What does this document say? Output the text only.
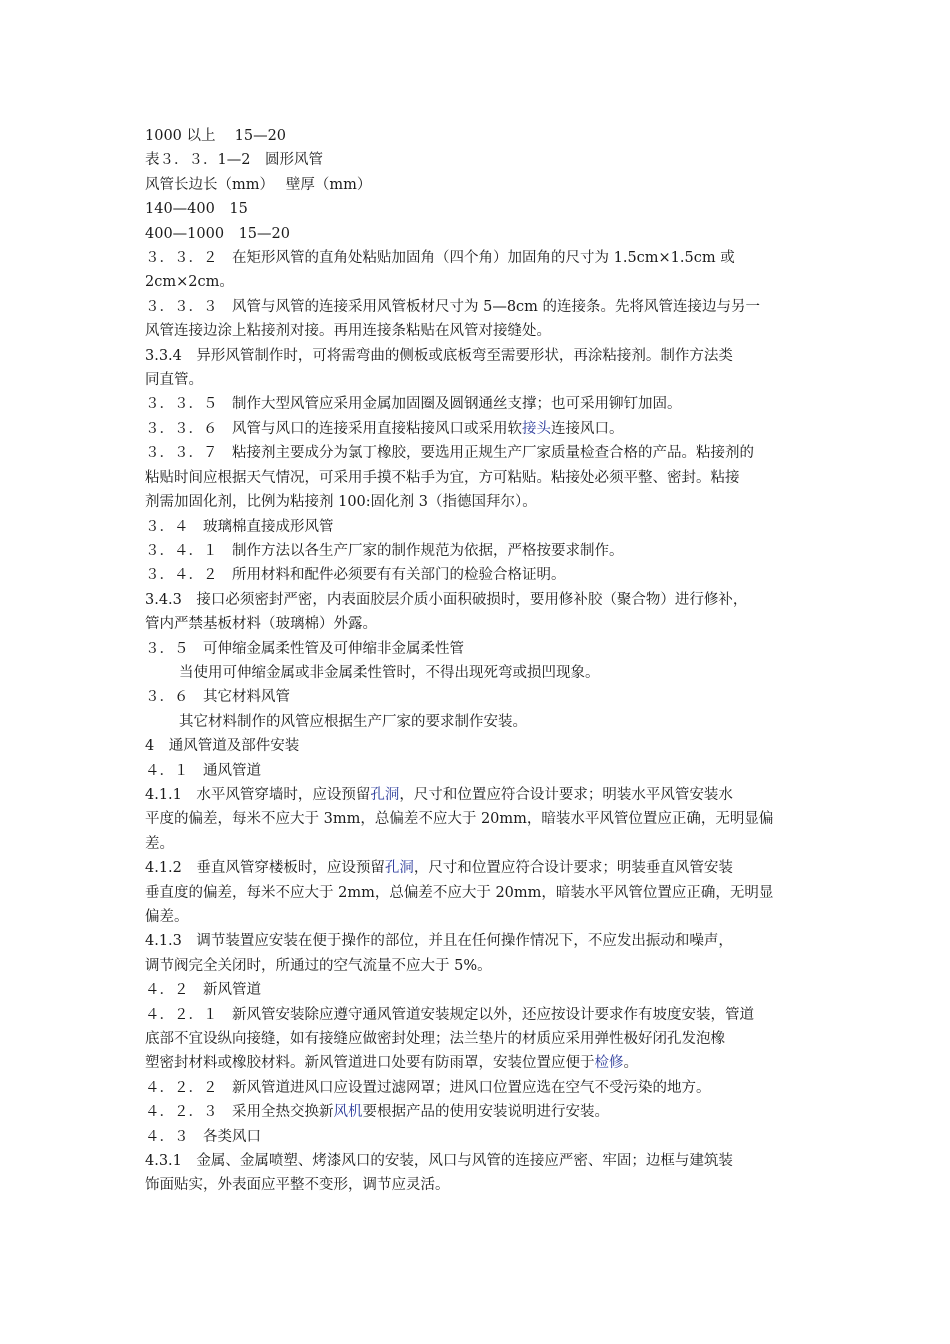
1000 以上　 15—20
表３．３．1—2　圆形风管
风管长边长（mm）　 壁厚（mm）
140—400　15
400—1000　15—20
３．３．２　在矩形风管的直角处粘贴加固角（四个角）加固角的尺寸为 1.5cm×1.5cm 或
2cm×2cm。
３．３．３　风管与风管的连接采用风管板材尺寸为 5—8cm 的连接条。先将风管连接边与另一
风管连接边涂上粘接剂对接。再用连接条粘贴在风管对接缝处。
3.3.4　异形风管制作时，可将需弯曲的侧板或底板弯至需要形状，再涂粘接剂。制作方法类
同直管。
３．３．５　制作大型风管应采用金属加固圈及圆钢通丝支撑；也可采用铆钉加固。
３．３．６　风管与风口的连接采用直接粘接风口或采用软接头连接风口。
３．３．７　粘接剂主要成分为氯丁橡胶，要选用正规生产厂家质量检查合格的产品。粘接剂的
粘贴时间应根据天气情况，可采用手摸不粘手为宜，方可粘贴。粘接处必须平整、密封。粘接
剂需加固化剂，比例为粘接剂 100:固化剂 3（指德国拜尔）。
３．４　玻璃棉直接成形风管
３．４．１　制作方法以各生产厂家的制作规范为依据，严格按要求制作。
３．４．２　所用材料和配件必须要有有关部门的检验合格证明。
3.4.3　接口必须密封严密，内表面胶层介质小面积破损时，要用修补胶（聚合物）进行修补，
管内严禁基板材料（玻璃棉）外露。
３．５　可伸缩金属柔性管及可伸缩非金属柔性管
当使用可伸缩金属或非金属柔性管时，不得出现死弯或损凹现象。
３．６　其它材料风管
其它材料制作的风管应根据生产厂家的要求制作安装。
4　通风管道及部件安装
４．１　通风管道
4.1.1　水平风管穿墙时，应设预留孔洞，尺寸和位置应符合设计要求；明装水平风管安装水
平度的偏差，每米不应大于 3mm，总偏差不应大于 20mm，暗装水平风管位置应正确，无明显偏
差。
4.1.2　垂直风管穿楼板时，应设预留孔洞，尺寸和位置应符合设计要求；明装垂直风管安装
垂直度的偏差，每米不应大于 2mm，总偏差不应大于 20mm，暗装水平风管位置应正确，无明显
偏差。
4.1.3　调节装置应安装在便于操作的部位，并且在任何操作情况下，不应发出振动和噪声，
调节阀完全关闭时，所通过的空气流量不应大于 5%。
４．２　新风管道
４．２．１　新风管安装除应遵守通风管道安装规定以外，还应按设计要求作有坡度安装，管道
底部不宜设纵向接缝，如有接缝应做密封处理；法兰垫片的材质应采用弹性极好闭孔发泡橡
塑密封材料或橡胶材料。新风管道进口处要有防雨罩，安装位置应便于检修。
４．２．２　新风管道进风口应设置过滤网罩；进风口位置应选在空气不受污染的地方。
４．２．３　采用全热交换新风机要根据产品的使用安装说明进行安装。
４．３　各类风口
4.3.1　金属、金属喷塑、烤漆风口的安装，风口与风管的连接应严密、牢固；边框与建筑装
饰面贴实，外表面应平整不变形，调节应灵活。
